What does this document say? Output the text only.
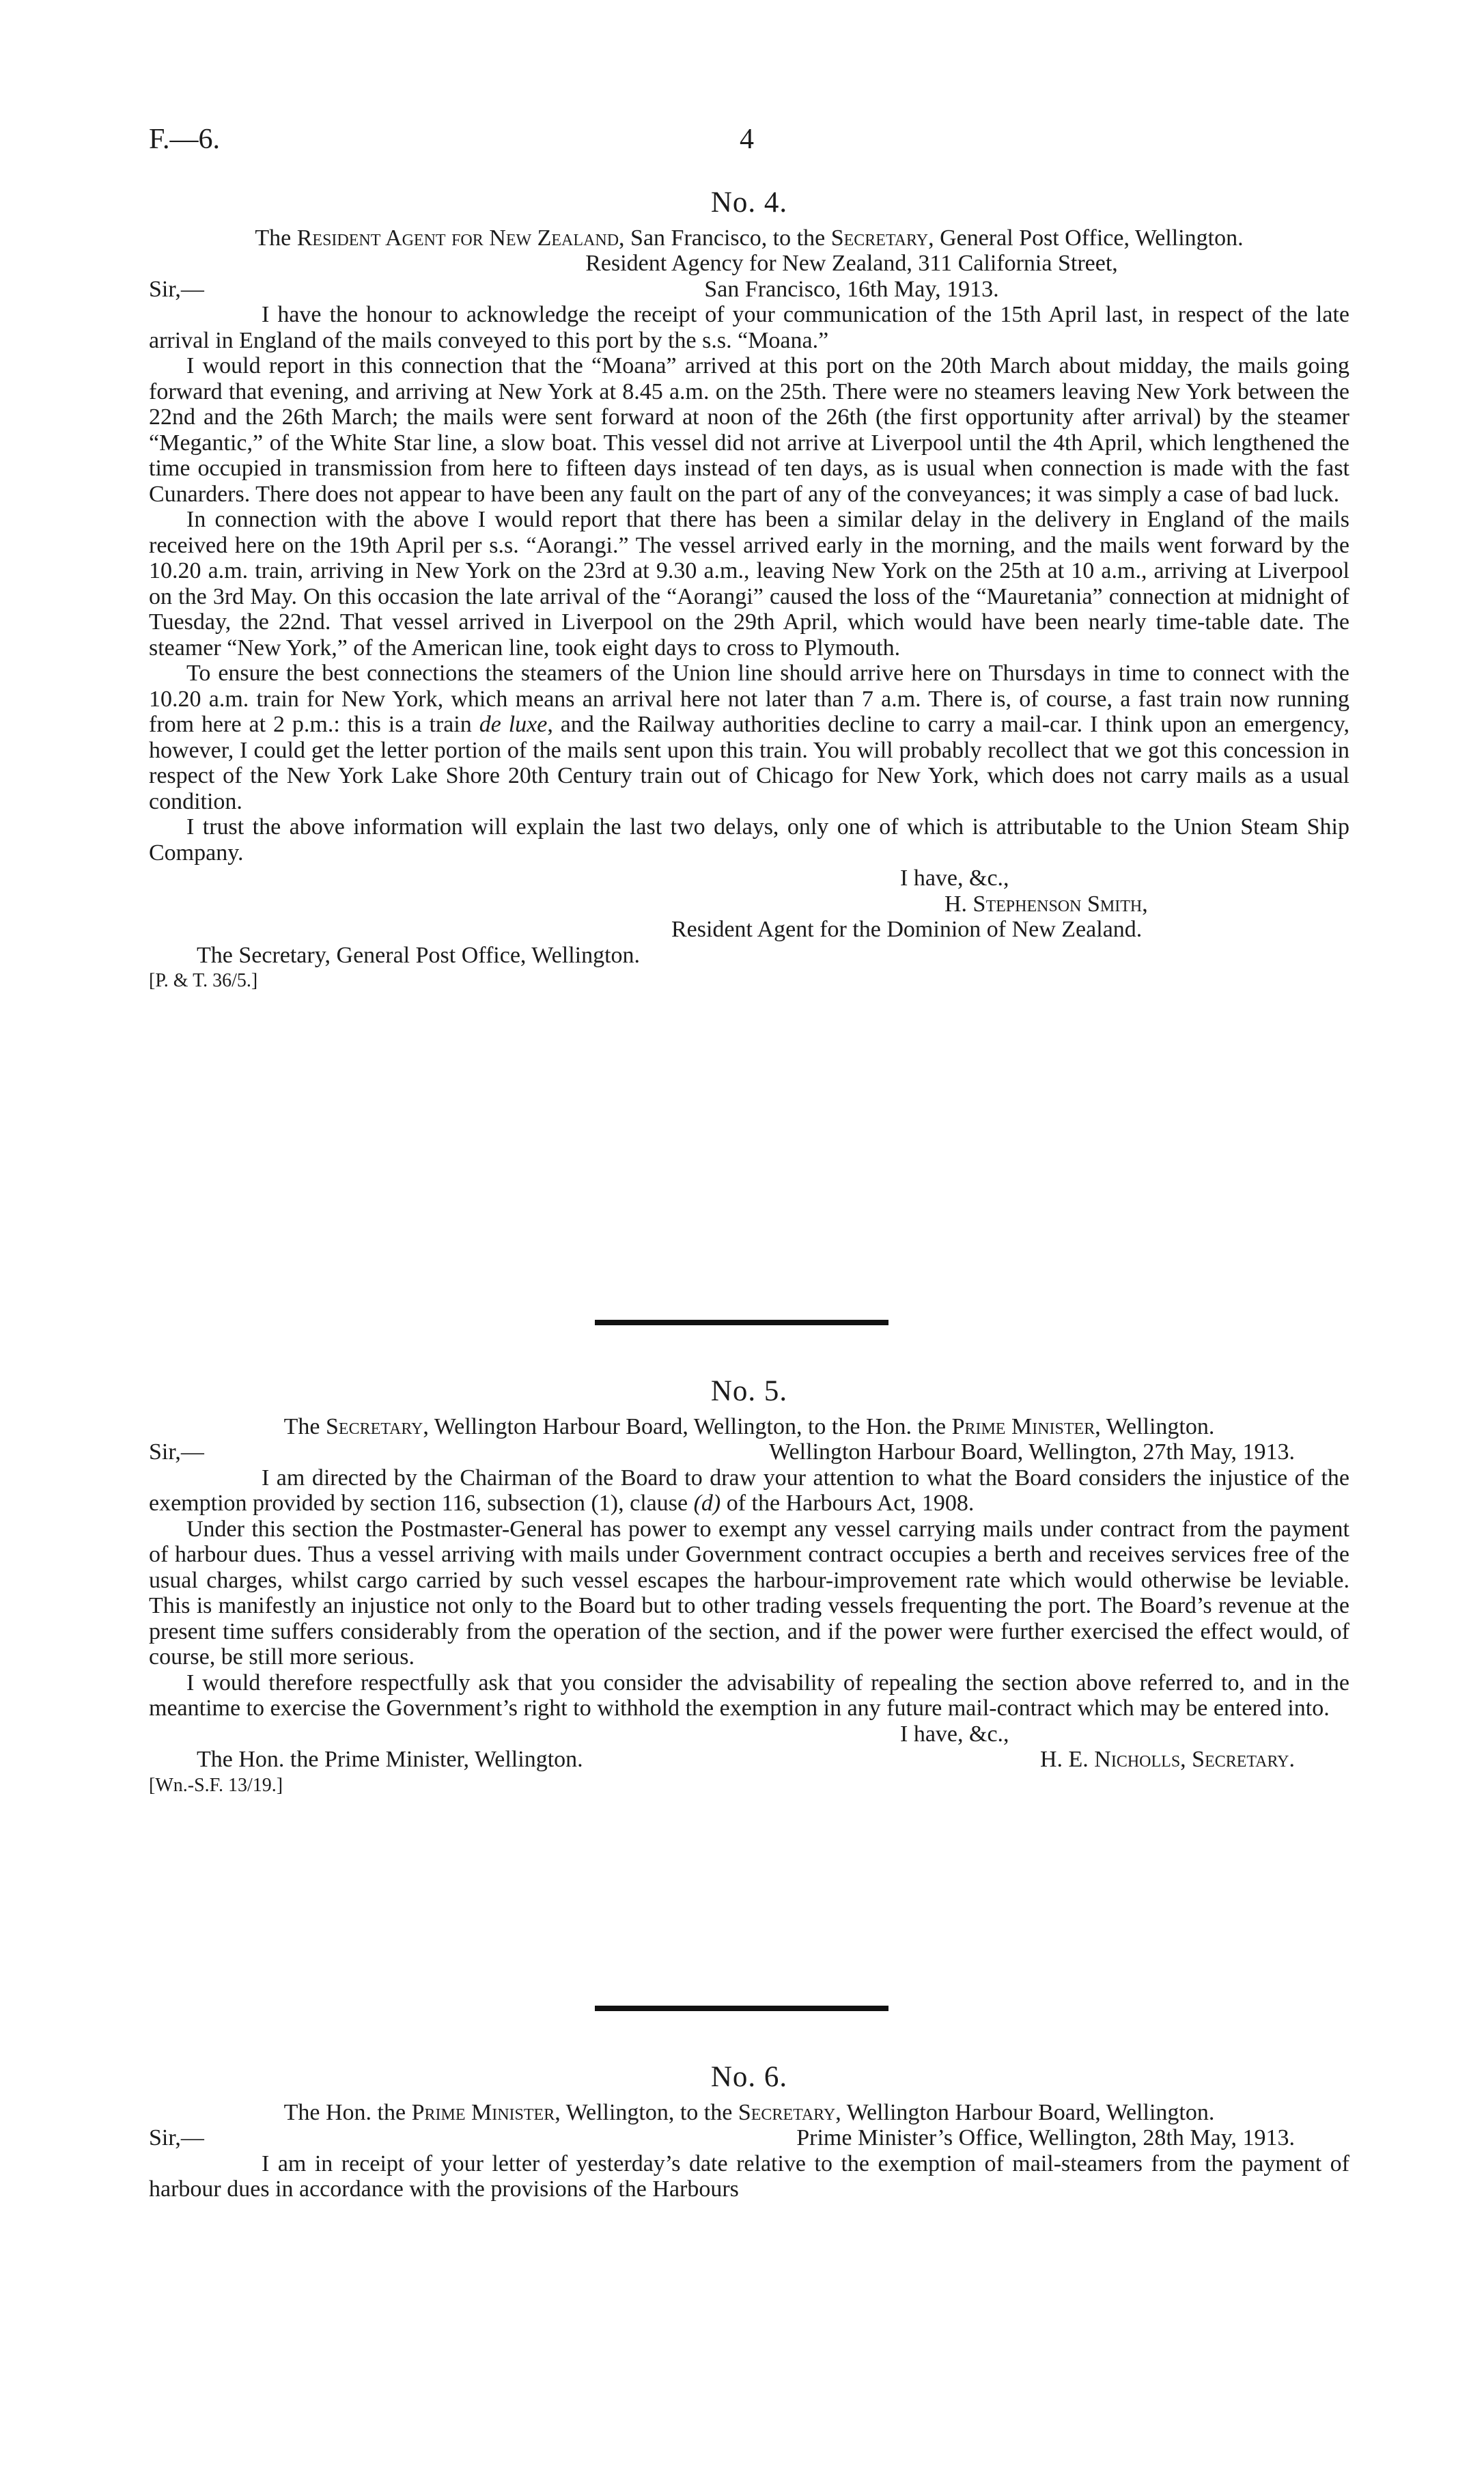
F.—6.	4
No. 4.
The Resident Agent for New Zealand, San Francisco, to the Secretary, General Post Office, Wellington.
Resident Agency for New Zealand, 311 California Street,
Sir,—	San Francisco, 16th May, 1913.

I have the honour to acknowledge the receipt of your communication of the 15th April last, in respect of the late arrival in England of the mails conveyed to this port by the s.s. “Moana.”

I would report in this connection that the “Moana” arrived at this port on the 20th March about midday, the mails going forward that evening, and arriving at New York at 8.45 a.m. on the 25th. There were no steamers leaving New York between the 22nd and the 26th March; the mails were sent forward at noon of the 26th (the first opportunity after arrival) by the steamer “Megantic,” of the White Star line, a slow boat. This vessel did not arrive at Liverpool until the 4th April, which lengthened the time occupied in transmission from here to fifteen days instead of ten days, as is usual when connection is made with the fast Cunarders. There does not appear to have been any fault on the part of any of the conveyances; it was simply a case of bad luck.

In connection with the above I would report that there has been a similar delay in the delivery in England of the mails received here on the 19th April per s.s. “Aorangi.” The vessel arrived early in the morning, and the mails went forward by the 10.20 a.m. train, arriving in New York on the 23rd at 9.30 a.m., leaving New York on the 25th at 10 a.m., arriving at Liverpool on the 3rd May. On this occasion the late arrival of the “Aorangi” caused the loss of the “Mauretania” connection at midnight of Tuesday, the 22nd. That vessel arrived in Liverpool on the 29th April, which would have been nearly time-table date. The steamer “New York,” of the American line, took eight days to cross to Plymouth.

To ensure the best connections the steamers of the Union line should arrive here on Thursdays in time to connect with the 10.20 a.m. train for New York, which means an arrival here not later than 7 a.m. There is, of course, a fast train now running from here at 2 p.m.: this is a train de luxe, and the Railway authorities decline to carry a mail-car. I think upon an emergency, however, I could get the letter portion of the mails sent upon this train. You will probably recollect that we got this concession in respect of the New York Lake Shore 20th Century train out of Chicago for New York, which does not carry mails as a usual condition.

I trust the above information will explain the last two delays, only one of which is attributable to the Union Steam Ship Company.

I have, &c.,
H. Stephenson Smith,
Resident Agent for the Dominion of New Zealand.
The Secretary, General Post Office, Wellington.
[P. & T. 36/5.]
No. 5.
The Secretary, Wellington Harbour Board, Wellington, to the Hon. the Prime Minister, Wellington.
Sir,—	Wellington Harbour Board, Wellington, 27th May, 1913.

I am directed by the Chairman of the Board to draw your attention to what the Board considers the injustice of the exemption provided by section 116, subsection (1), clause (d) of the Harbours Act, 1908.

Under this section the Postmaster-General has power to exempt any vessel carrying mails under contract from the payment of harbour dues. Thus a vessel arriving with mails under Government contract occupies a berth and receives services free of the usual charges, whilst cargo carried by such vessel escapes the harbour-improvement rate which would otherwise be leviable. This is manifestly an injustice not only to the Board but to other trading vessels frequenting the port. The Board’s revenue at the present time suffers considerably from the operation of the section, and if the power were further exercised the effect would, of course, be still more serious.

I would therefore respectfully ask that you consider the advisability of repealing the section above referred to, and in the meantime to exercise the Government’s right to withhold the exemption in any future mail-contract which may be entered into.

I have, &c.,
The Hon. the Prime Minister, Wellington.	H. E. Nicholls, Secretary.
[Wn.-S.F. 13/19.]
No. 6.
The Hon. the Prime Minister, Wellington, to the Secretary, Wellington Harbour Board, Wellington.
Sir,—	Prime Minister’s Office, Wellington, 28th May, 1913.

I am in receipt of your letter of yesterday’s date relative to the exemption of mail-steamers from the payment of harbour dues in accordance with the provisions of the Harbours
